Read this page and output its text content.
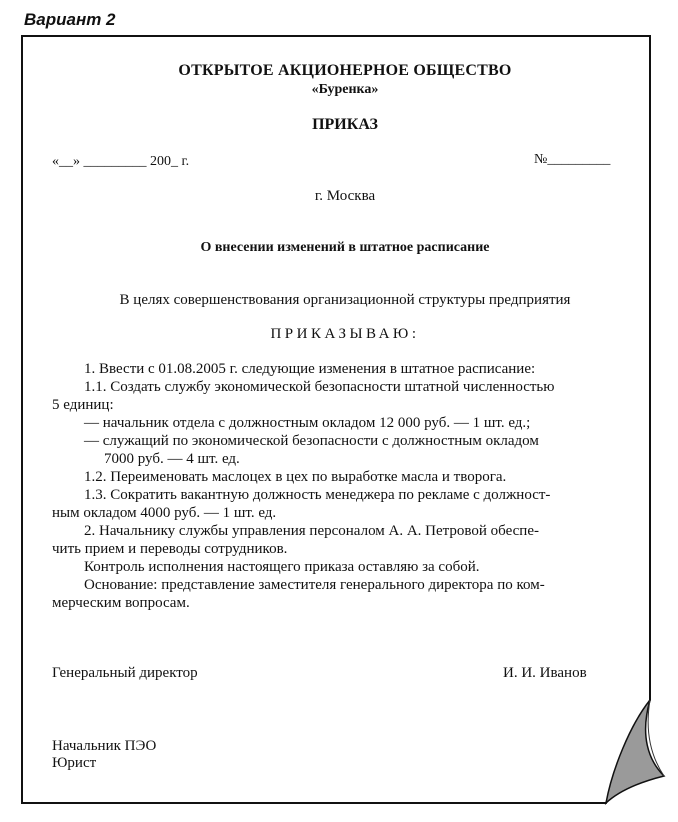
Вариант 2
ОТКРЫТОЕ АКЦИОНЕРНОЕ ОБЩЕСТВО
«Буренка»
ПРИКАЗ
«__» _________ 200_ г.	№_________
г. Москва
О внесении изменений в штатное расписание
В целях совершенствования организационной структуры предприятия
ПРИКАЗЫВАЮ:
1. Ввести с 01.08.2005 г. следующие изменения в штатное расписание:
1.1. Создать службу экономической безопасности штатной численностью
5 единиц:
— начальник отдела с должностным окладом 12 000 руб. — 1 шт. ед.;
— служащий по экономической безопасности с должностным окладом
7000 руб. — 4 шт. ед.
1.2. Переименовать маслоцех в цех по выработке масла и творога.
1.3. Сократить вакантную должность менеджера по рекламе с должност-
ным окладом 4000 руб. — 1 шт. ед.
2. Начальнику службы управления персоналом А. А. Петровой обеспе-
чить прием и переводы сотрудников.
Контроль исполнения настоящего приказа оставляю за собой.
Основание: представление заместителя генерального директора по ком-
мерческим вопросам.
Генеральный директор	И. И. Иванов
Начальник ПЭО
Юрист
